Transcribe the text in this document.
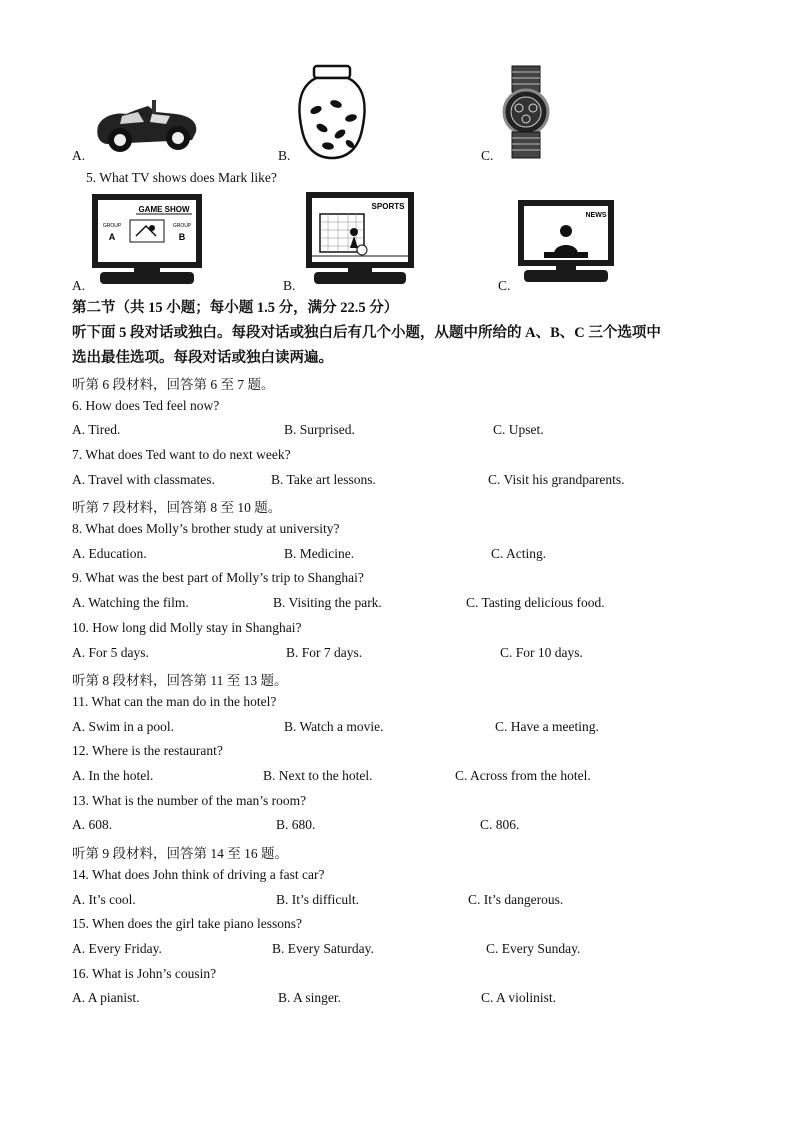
A.	B.	C.
5. What TV shows does Mark like?
GAME SHOW
GROUP
A
GROUP
B
A.
SPORTS
B.
NEWS
C.
第二节（共 15 小题；每小题 1.5 分，满分 22.5 分）
听下面 5 段对话或独白。每段对话或独白后有几个小题，从题中所给的 A、B、C 三个选项中
选出最佳选项。每段对话或独白读两遍。
听第 6 段材料，回答第 6 至 7 题。
6. How does Ted feel now?
A. Tired.	B. Surprised.	C. Upset.
7. What does Ted want to do next week?
A. Travel with classmates.	B. Take art lessons.	C. Visit his grandparents.
听第 7 段材料，回答第 8 至 10 题。
8. What does Molly’s brother study at university?
A. Education.	B. Medicine.	C. Acting.
9. What was the best part of Molly’s trip to Shanghai?
A. Watching the film.	B. Visiting the park.	C. Tasting delicious food.
10. How long did Molly stay in Shanghai?
A. For 5 days.	B. For 7 days.	C. For 10 days.
听第 8 段材料，回答第 11 至 13 题。
11. What can the man do in the hotel?
A. Swim in a pool.	B. Watch a movie.	C. Have a meeting.
12. Where is the restaurant?
A. In the hotel.	B. Next to the hotel.	C. Across from the hotel.
13. What is the number of the man’s room?
A. 608.	B. 680.	C. 806.
听第 9 段材料，回答第 14 至 16 题。
14. What does John think of driving a fast car?
A. It’s cool.	B. It’s difficult.	C. It’s dangerous.
15. When does the girl take piano lessons?
A. Every Friday.	B. Every Saturday.	C. Every Sunday.
16. What is John’s cousin?
A. A pianist.	B. A singer.	C. A violinist.
